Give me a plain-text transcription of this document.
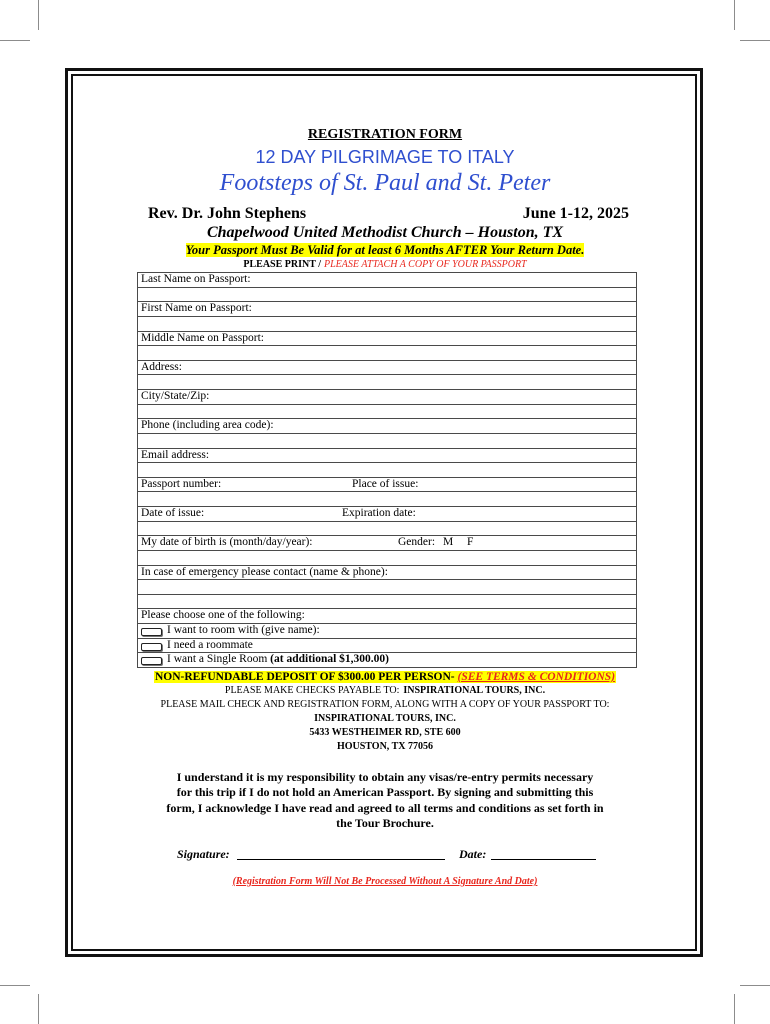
REGISTRATION FORM
12 DAY PILGRIMAGE TO ITALY
Footsteps of St. Paul and St. Peter
Rev. Dr. John Stephens	June 1-12, 2025
Chapelwood United Methodist Church – Houston, TX
Your Passport Must Be Valid for at least 6 Months AFTER Your Return Date.
PLEASE PRINT / PLEASE ATTACH A COPY OF YOUR PASSPORT
Last Name on Passport:
First Name on Passport:
Middle Name on Passport:
Address:
City/State/Zip:
Phone (including area code):
Email address:
Passport number:	Place of issue:
Date of issue:	Expiration date:
My date of birth is (month/day/year):	Gender: M F
In case of emergency please contact (name & phone):
Please choose one of the following:
I want to room with (give name):
I need a roommate
I want a Single Room (at additional $1,300.00)
NON-REFUNDABLE DEPOSIT OF $300.00 PER PERSON- (SEE TERMS & CONDITIONS)
PLEASE MAKE CHECKS PAYABLE TO: INSPIRATIONAL TOURS, INC.
PLEASE MAIL CHECK AND REGISTRATION FORM, ALONG WITH A COPY OF YOUR PASSPORT TO:
INSPIRATIONAL TOURS, INC.
5433 WESTHEIMER RD, STE 600
HOUSTON, TX 77056
I understand it is my responsibility to obtain any visas/re-entry permits necessary
for this trip if I do not hold an American Passport. By signing and submitting this
form, I acknowledge I have read and agreed to all terms and conditions as set forth in
the Tour Brochure.
Signature:	Date:
(Registration Form Will Not Be Processed Without A Signature And Date)
